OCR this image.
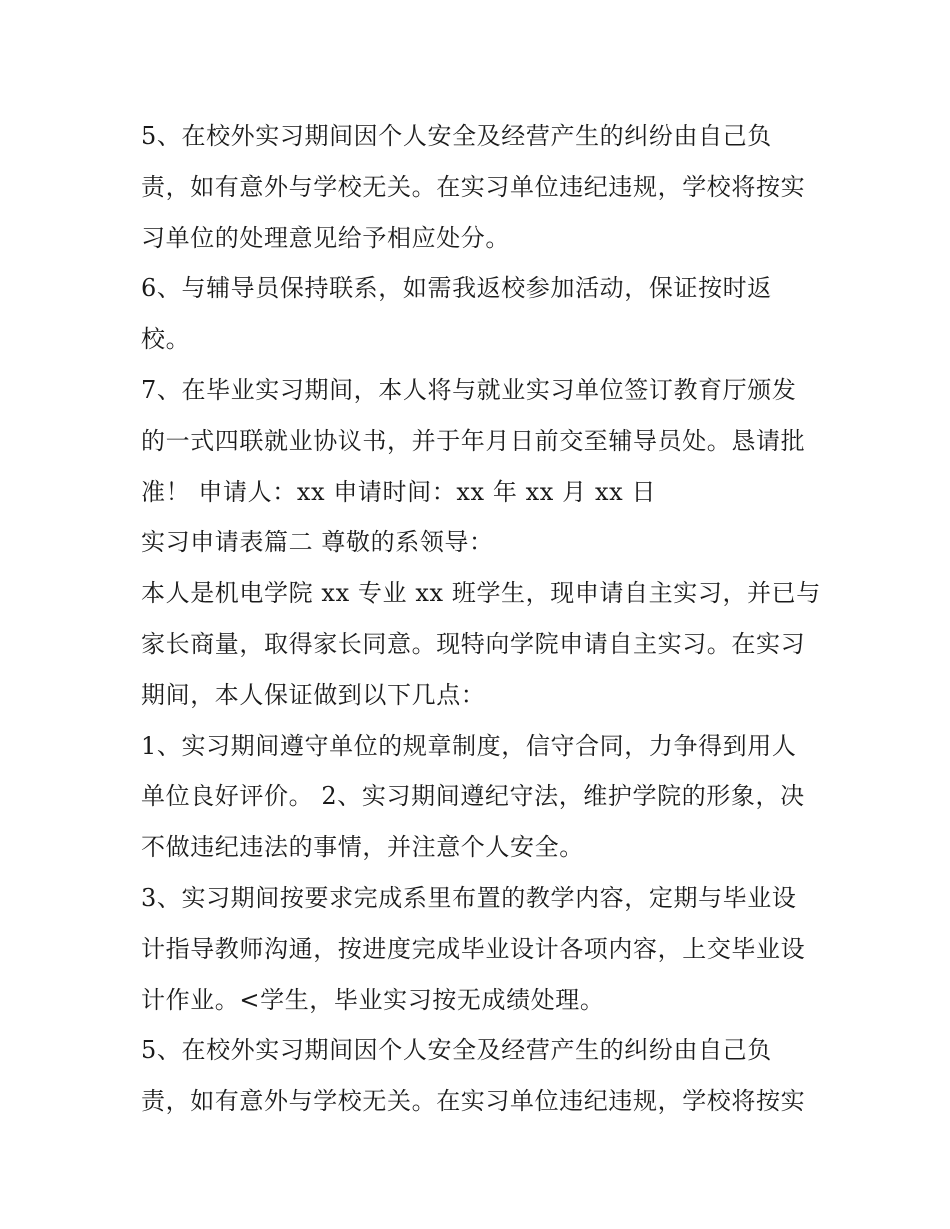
5、在校外实习期间因个人安全及经营产生的纠纷由自己负
责，如有意外与学校无关。在实习单位违纪违规，学校将按实
习单位的处理意见给予相应处分。
6、与辅导员保持联系，如需我返校参加活动，保证按时返
校。
7、在毕业实习期间，本人将与就业实习单位签订教育厅颁发
的一式四联就业协议书，并于年月日前交至辅导员处。恳请批
准！ 申请人：xx 申请时间：xx 年 xx 月 xx 日
实习申请表篇二 尊敬的系领导：
本人是机电学院 xx 专业 xx 班学生，现申请自主实习，并已与
家长商量，取得家长同意。现特向学院申请自主实习。在实习
期间，本人保证做到以下几点：
1、实习期间遵守单位的规章制度，信守合同，力争得到用人
单位良好评价。 2、实习期间遵纪守法，维护学院的形象，决
不做违纪违法的事情，并注意个人安全。
3、实习期间按要求完成系里布置的教学内容，定期与毕业设
计指导教师沟通，按进度完成毕业设计各项内容，上交毕业设
计作业。<学生，毕业实习按无成绩处理。
5、在校外实习期间因个人安全及经营产生的纠纷由自己负
责，如有意外与学校无关。在实习单位违纪违规，学校将按实
